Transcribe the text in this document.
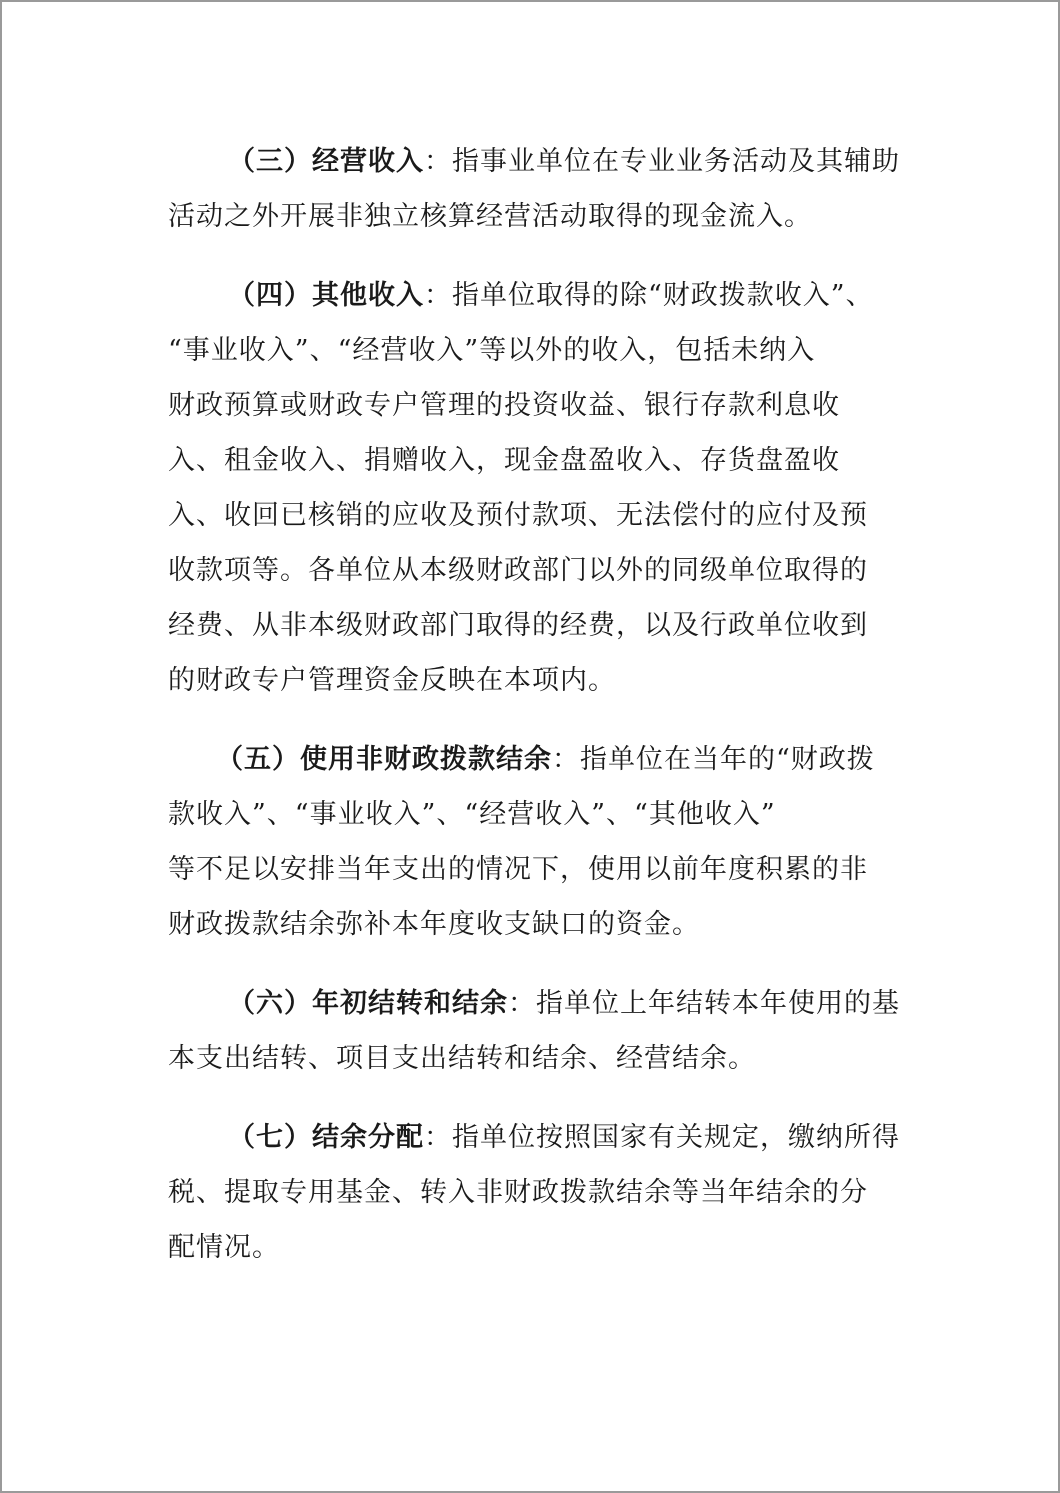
（三）经营收入：指事业单位在专业业务活动及其辅助
活动之外开展非独立核算经营活动取得的现金流入。

（四）其他收入：指单位取得的除“财政拨款收入”、
“事业收入”、“经营收入”等以外的收入，包括未纳入
财政预算或财政专户管理的投资收益、银行存款利息收
入、租金收入、捐赠收入，现金盘盈收入、存货盘盈收
入、收回已核销的应收及预付款项、无法偿付的应付及预
收款项等。各单位从本级财政部门以外的同级单位取得的
经费、从非本级财政部门取得的经费，以及行政单位收到
的财政专户管理资金反映在本项内。

（五）使用非财政拨款结余：指单位在当年的“财政拨
款收入”、“事业收入”、“经营收入”、“其他收入”
等不足以安排当年支出的情况下，使用以前年度积累的非
财政拨款结余弥补本年度收支缺口的资金。

（六）年初结转和结余：指单位上年结转本年使用的基
本支出结转、项目支出结转和结余、经营结余。

（七）结余分配：指单位按照国家有关规定，缴纳所得
税、提取专用基金、转入非财政拨款结余等当年结余的分
配情况。
